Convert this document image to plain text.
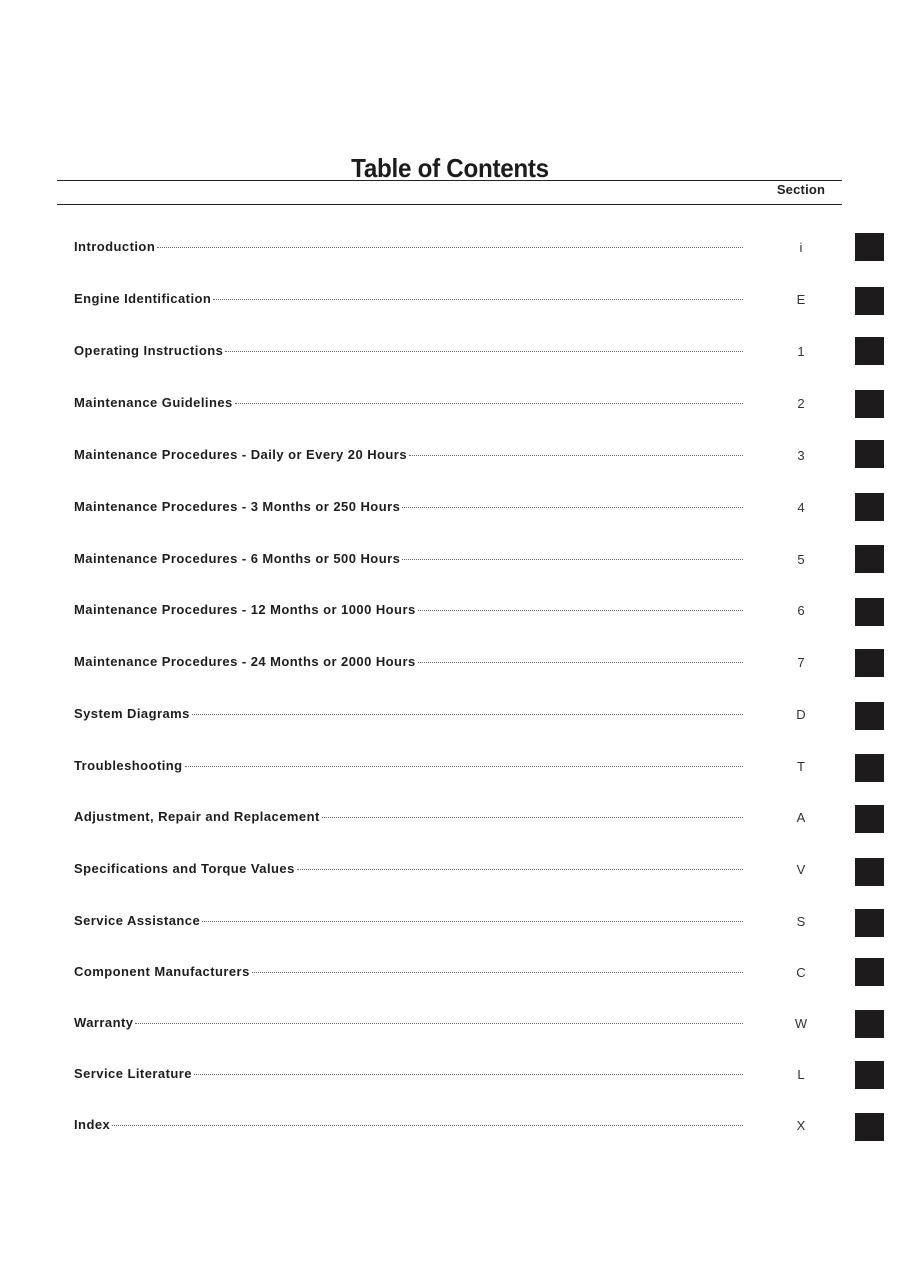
Table of Contents
Section
Introduction	i
Engine Identification	E
Operating Instructions	1
Maintenance Guidelines	2
Maintenance Procedures - Daily or Every 20 Hours	3
Maintenance Procedures - 3 Months or 250 Hours	4
Maintenance Procedures - 6 Months or 500 Hours	5
Maintenance Procedures - 12 Months or 1000 Hours	6
Maintenance Procedures - 24 Months or 2000 Hours	7
System Diagrams	D
Troubleshooting	T
Adjustment, Repair and Replacement	A
Specifications and Torque Values	V
Service Assistance	S
Component Manufacturers	C
Warranty	W
Service Literature	L
Index	X
